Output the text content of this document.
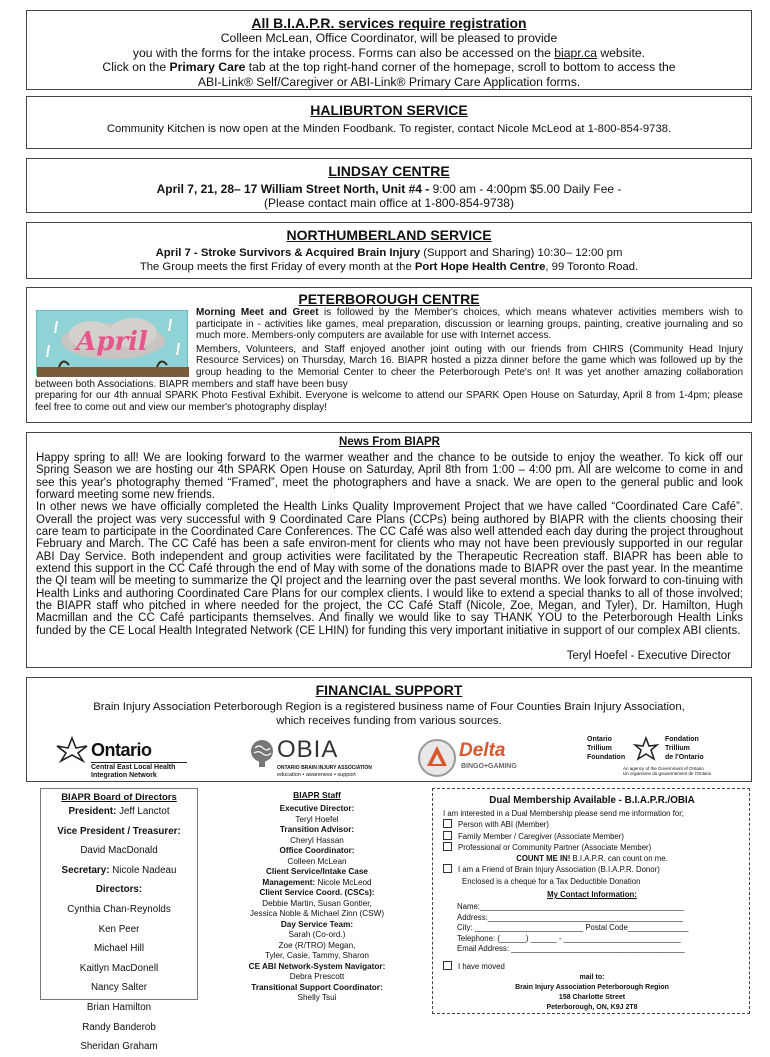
All B.I.A.P.R. services require registration
Colleen McLean, Office Coordinator, will be pleased to provide
you with the forms for the intake process. Forms can also be accessed on the biapr.ca website.
Click on the Primary Care tab at the top right-hand corner of the homepage, scroll to bottom to access the
ABI-Link® Self/Caregiver or ABI-Link® Primary Care Application forms.
HALIBURTON SERVICE
Community Kitchen is now open at the Minden Foodbank. To register, contact Nicole McLeod at 1-800-854-9738.
LINDSAY CENTRE
April 7, 21, 28– 17 William Street North, Unit #4 - 9:00 am - 4:00pm $5.00 Daily Fee -
(Please contact main office at 1-800-854-9738)
NORTHUMBERLAND SERVICE
April 7 - Stroke Survivors & Acquired Brain Injury (Support and Sharing) 10:30– 12:00 pm
The Group meets the first Friday of every month at the Port Hope Health Centre, 99 Toronto Road.
PETERBOROUGH CENTRE
April

Morning Meet and Greet is followed by the Member's choices, which means whatever activities members wish to participate in - activities like games, meal preparation, discussion or learning groups, painting, creative journaling and so much more. Members-only computers are available for use with Internet access.

Members, Volunteers, and Staff enjoyed another joint outing with our friends from CHIRS (Community Head Injury Resource Services) on Thursday, March 16. BIAPR hosted a pizza dinner before the game which was followed up by the group heading to the Memorial Center to cheer the Peterborough Pete's on! It was yet another amazing collaboration between both Associations. BIAPR members and staff have been busy

preparing for our 4th annual SPARK Photo Festival Exhibit. Everyone is welcome to attend our SPARK Open House on Saturday, April 8 from 1-4pm; please feel free to come out and view our member's photography display!

News From BIAPR

Happy spring to all! We are looking forward to the warmer weather and the chance to be outside to enjoy the weather. To kick off our Spring Season we are hosting our 4th SPARK Open House on Saturday, April 8th from 1:00 – 4:00 pm. All are welcome to come in and see this year's photography themed “Framed”, meet the photographers and have a snack. We are open to the general public and look forward meeting some new friends.

In other news we have officially completed the Health Links Quality Improvement Project that we have called “Coordinated Care Café”. Overall the project was very successful with 9 Coordinated Care Plans (CCPs) being authored by BIAPR with the clients choosing their care team to participate in the Coordinated Care Conferences. The CC Café was also well attended each day during the project throughout February and March. The CC Café has been a safe environ-ment for clients who may not have been previously supported in our regular ABI Day Service. Both independent and group activities were facilitated by the Therapeutic Recreation staff. BIAPR has been able to extend this support in the CC Café through the end of May with some of the donations made to BIAPR over the past year. In the meantime the QI team will be meeting to summarize the QI project and the learning over the past several months. We look forward to con-tinuing with Health Links and authoring Coordinated Care Plans for our complex clients. I would like to extend a special thanks to all of those involved; the BIAPR staff who pitched in where needed for the project, the CC Café Staff (Nicole, Zoe, Megan, and Tyler), Dr. Hamilton, Hugh Macmillan and the CC Café participants themselves. And finally we would like to say THANK YOU to the Peterborough Health Links funded by the CE Local Health Integrated Network (CE LHIN) for funding this very important initiative in support of our complex ABI clients.

Teryl Hoefel - Executive Director
FINANCIAL SUPPORT
Brain Injury Association Peterborough Region is a registered business name of Four Counties Brain Injury Association,
which receives funding from various sources.
Ontario
Central East Local Health
Integration Network
OBIA
ONTARIO BRAIN INJURY ASSOCIATION
education • awareness • support
Delta
BINGO+GAMING
Ontario
Trillium
Foundation
Fondation
Trillium
de l'Ontario
An agency of the Government of Ontario
Un organisme du gouvernement de l'Ontario
BIAPR Board of Directors
President: Jeff Lanctot
Vice President / Treasurer:
David MacDonald
Secretary: Nicole Nadeau
Directors:
Cynthia Chan-Reynolds
Ken Peer
Michael Hill
Kaitlyn MacDonell
Nancy Salter
Brian Hamilton
Randy Banderob
Sheridan Graham
BIAPR Staff
Executive Director:
Teryl Hoefel
Transition Advisor:
Cheryl Hassan
Office Coordinator:
Colleen McLean
Client Service/Intake Case
Management: Nicole McLeod
Client Service Coord. (CSCs):
Debbie Martin, Susan Gontier,
Jessica Noble & Michael Zinn (CSW)
Day Service Team:
Sarah (Co-ord.)
Zoe (R/TRO) Megan,
Tyler, Casie, Tammy, Sharon
CE ABI Network-System Navigator:
Debra Prescott
Transitional Support Coordinator:
Shelly Tsui
Dual Membership Available - B.I.A.P.R./OBIA
I am interested in a Dual Membership please send me information for;
Person with ABI (Member)
Family Member / Caregiver (Associate Member)
Professional or Community Partner (Associate Member)
COUNT ME IN! B.I.A.P.R. can count on me.
I am a Friend of Brain Injury Association (B.I.A.P.R. Donor)
Enclosed is a cheque for a Tax Deductible Donation
My Contact Information:
Name:_______________________________________________
Address:_____________________________________________
City: _________________________ Postal Code______________
Telephone: (______) ______ - ___________________________
Email Address: ________________________________________
I have moved
mail to:
Brain Injury Association Peterborough Region
158 Charlotte Street
Peterborough, ON, K9J 2T8
